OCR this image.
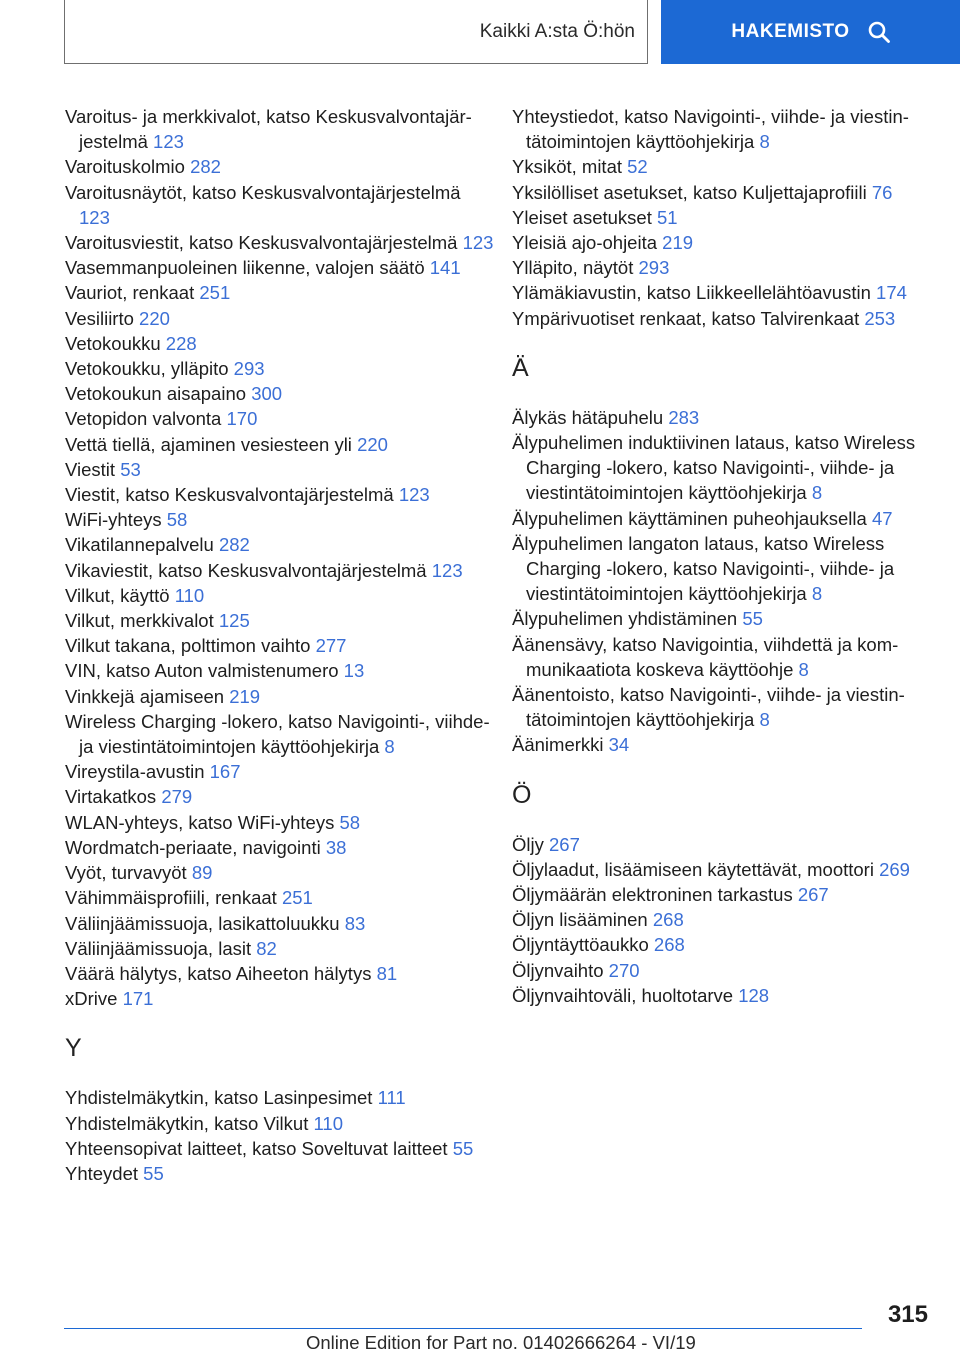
Kaikki A:sta Ö:hön	HAKEMISTO
Varoitus- ja merkkivalot, katso Keskusvalvontajärjestelmä 123
Varoituskolmio 282
Varoitusnäytöt, katso Keskusvalvontajärjestelmä 123
Varoitusviestit, katso Keskusvalvontajärjestelmä 123
Vasemmanpuoleinen liikenne, valojen säätö 141
Vauriot, renkaat 251
Vesiliirto 220
Vetokoukku 228
Vetokoukku, ylläpito 293
Vetokoukun aisapaino 300
Vetopidon valvonta 170
Vettä tiellä, ajaminen vesiesteen yli 220
Viestit 53
Viestit, katso Keskusvalvontajärjestelmä 123
WiFi-yhteys 58
Vikatilannepalvelu 282
Vikaviestit, katso Keskusvalvontajärjestelmä 123
Vilkut, käyttö 110
Vilkut, merkkivalot 125
Vilkut takana, polttimon vaihto 277
VIN, katso Auton valmistenumero 13
Vinkkejä ajamiseen 219
Wireless Charging -lokero, katso Navigointi-, viihde- ja viestintätoimintojen käyttöohjekirja 8
Vireystila-avustin 167
Virtakatkos 279
WLAN-yhteys, katso WiFi-yhteys 58
Wordmatch-periaate, navigointi 38
Vyöt, turvavyöt 89
Vähimmäisprofiili, renkaat 251
Väliinjäämissuoja, lasikattoluukku 83
Väliinjäämissuoja, lasit 82
Väärä hälytys, katso Aiheeton hälytys 81
xDrive 171
Y
Yhdistelmäkytkin, katso Lasinpesimet 111
Yhdistelmäkytkin, katso Vilkut 110
Yhteensopivat laitteet, katso Soveltuvat laitteet 55
Yhteydet 55
Yhteystiedot, katso Navigointi-, viihde- ja viestintätoimintojen käyttöohjekirja 8
Yksiköt, mitat 52
Yksilölliset asetukset, katso Kuljettajaprofiili 76
Yleiset asetukset 51
Yleisiä ajo-ohjeita 219
Ylläpito, näytöt 293
Ylämäkiavustin, katso Liikkeellelähtöavustin 174
Ympärivuotiset renkaat, katso Talvirenkaat 253
Ä
Älykäs hätäpuhelu 283
Älypuhelimen induktiivinen lataus, katso Wireless Charging -lokero, katso Navigointi-, viihde- ja viestintätoimintojen käyttöohjekirja 8
Älypuhelimen käyttäminen puheohjauksella 47
Älypuhelimen langaton lataus, katso Wireless Charging -lokero, katso Navigointi-, viihde- ja viestintätoimintojen käyttöohjekirja 8
Älypuhelimen yhdistäminen 55
Äänensävy, katso Navigointia, viihdettä ja kommunikaatiota koskeva käyttöohje 8
Äänentoisto, katso Navigointi-, viihde- ja viestintätoimintojen käyttöohjekirja 8
Äänimerkki 34
Ö
Öljy 267
Öljylaadut, lisäämiseen käytettävät, moottori 269
Öljymäärän elektroninen tarkastus 267
Öljyn lisääminen 268
Öljyntäyttöaukko 268
Öljynvaihto 270
Öljynvaihtoväli, huoltotarve 128
315
Online Edition for Part no. 01402666264 - VI/19
